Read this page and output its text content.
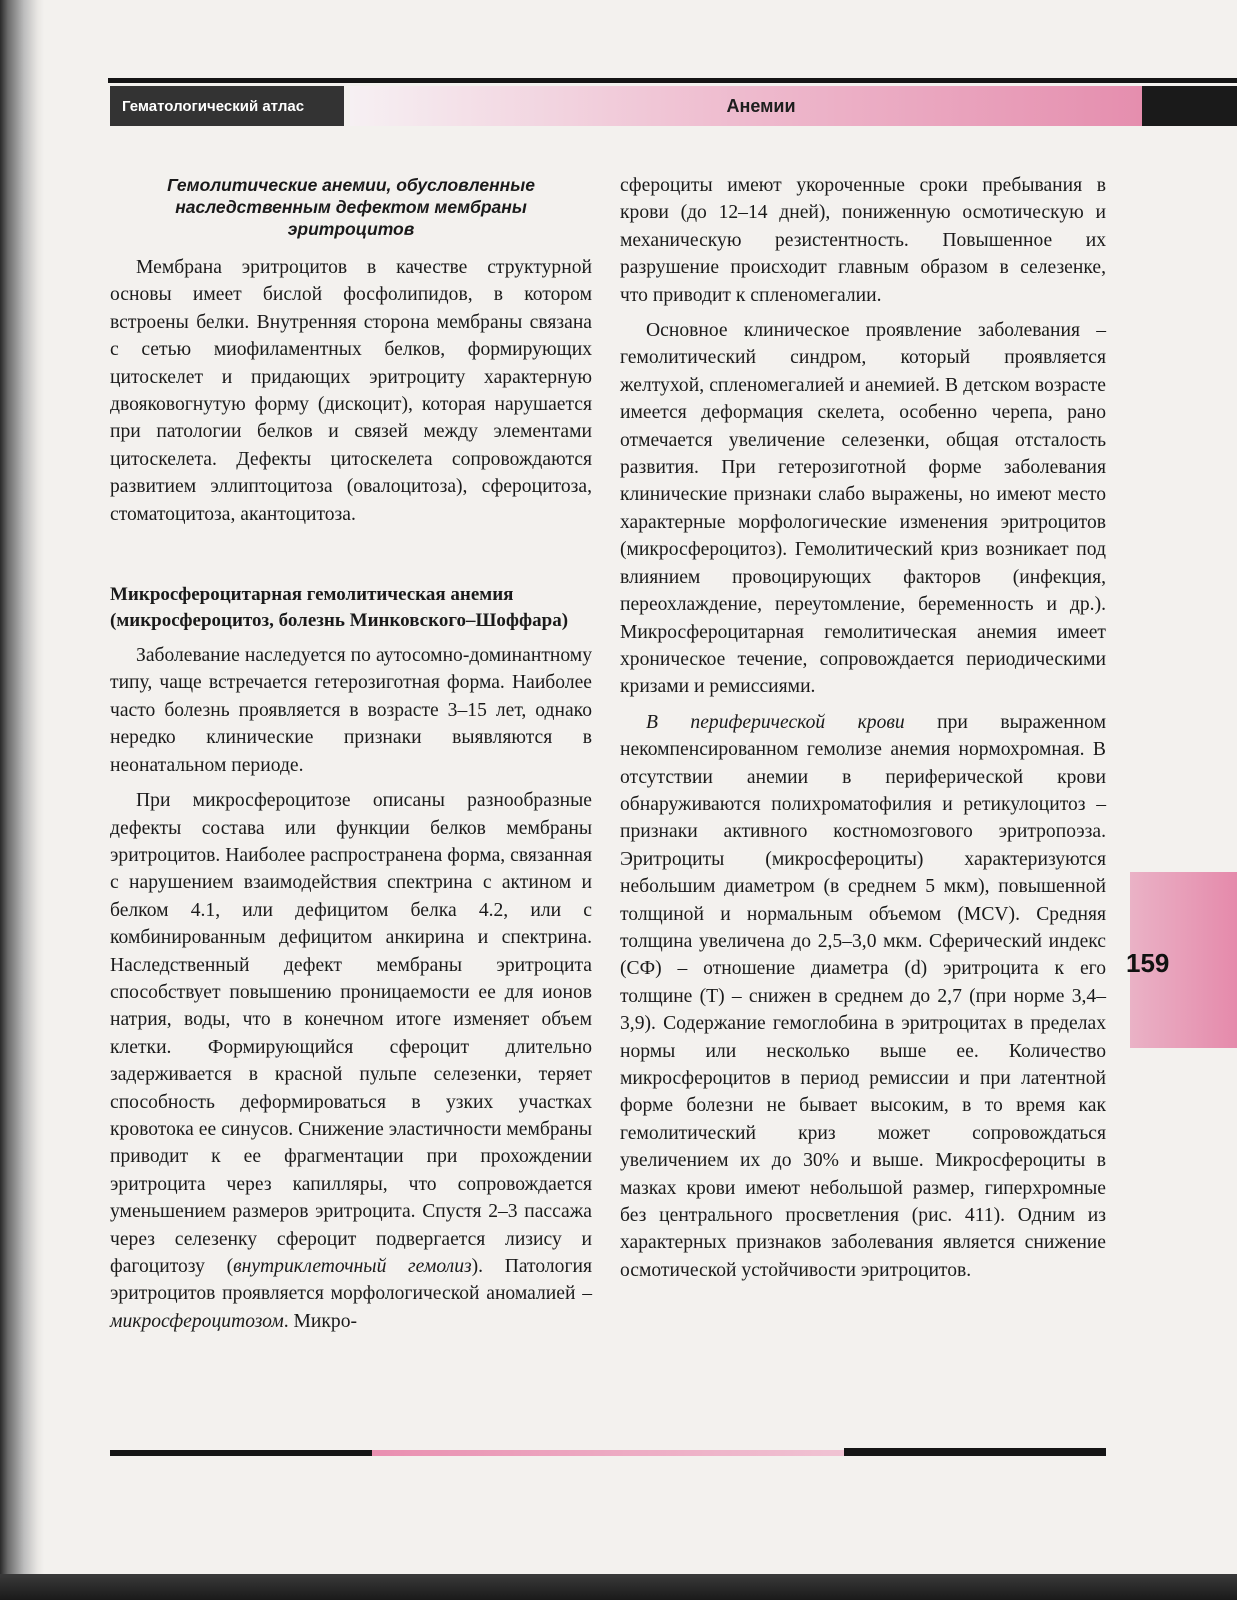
Гематологический атлас	Анемии
159
Гемолитические анемии, обусловленные наследственным дефектом мембраны эритроцитов

Мембрана эритроцитов в качестве структурной основы имеет бислой фосфолипидов, в котором встроены белки. Внутренняя сторона мембраны связана с сетью миофиламентных белков, формирующих цитоскелет и придающих эритроциту характерную двояковогнутую форму (дискоцит), которая нарушается при патологии белков и связей между элементами цитоскелета. Дефекты цитоскелета сопровождаются развитием эллиптоцитоза (овалоцитоза), сфероцитоза, стоматоцитоза, акантоцитоза.

Микросфероцитарная гемолитическая анемия (микросфероцитоз, болезнь Минковского–Шоффара)

Заболевание наследуется по аутосомно-доминантному типу, чаще встречается гетерозиготная форма. Наиболее часто болезнь проявляется в возрасте 3–15 лет, однако нередко клинические признаки выявляются в неонатальном периоде.

При микросфероцитозе описаны разнообразные дефекты состава или функции белков мембраны эритроцитов. Наиболее распространена форма, связанная с нарушением взаимодействия спектрина с актином и белком 4.1, или дефицитом белка 4.2, или с комбинированным дефицитом анкирина и спектрина. Наследственный дефект мембраны эритроцита способствует повышению проницаемости ее для ионов натрия, воды, что в конечном итоге изменяет объем клетки. Формирующийся сфероцит длительно задерживается в красной пульпе селезенки, теряет способность деформироваться в узких участках кровотока ее синусов. Снижение эластичности мембраны приводит к ее фрагментации при прохождении эритроцита через капилляры, что сопровождается уменьшением размеров эритроцита. Спустя 2–3 пассажа через селезенку сфероцит подвергается лизису и фагоцитозу (внутриклеточный гемолиз). Патология эритроцитов проявляется морфологической аномалией – микросфероцитозом. Микро-

сфероциты имеют укороченные сроки пребывания в крови (до 12–14 дней), пониженную осмотическую и механическую резистентность. Повышенное их разрушение происходит главным образом в селезенке, что приводит к спленомегалии.

Основное клиническое проявление заболевания – гемолитический синдром, который проявляется желтухой, спленомегалией и анемией. В детском возрасте имеется деформация скелета, особенно черепа, рано отмечается увеличение селезенки, общая отсталость развития. При гетерозиготной форме заболевания клинические признаки слабо выражены, но имеют место характерные морфологические изменения эритроцитов (микросфероцитоз). Гемолитический криз возникает под влиянием провоцирующих факторов (инфекция, переохлаждение, переутомление, беременность и др.). Микросфероцитарная гемолитическая анемия имеет хроническое течение, сопровождается периодическими кризами и ремиссиями.

В периферической крови при выраженном некомпенсированном гемолизе анемия нормохромная. В отсутствии анемии в периферической крови обнаруживаются полихроматофилия и ретикулоцитоз – признаки активного костномозгового эритропоэза. Эритроциты (микросфероциты) характеризуются небольшим диаметром (в среднем 5 мкм), повышенной толщиной и нормальным объемом (MCV). Средняя толщина увеличена до 2,5–3,0 мкм. Сферический индекс (СФ) – отношение диаметра (d) эритроцита к его толщине (T) – снижен в среднем до 2,7 (при норме 3,4–3,9). Содержание гемоглобина в эритроцитах в пределах нормы или несколько выше ее. Количество микросфероцитов в период ремиссии и при латентной форме болезни не бывает высоким, в то время как гемолитический криз может сопровождаться увеличением их до 30% и выше. Микросфероциты в мазках крови имеют небольшой размер, гиперхромные без центрального просветления (рис. 411). Одним из характерных признаков заболевания является снижение осмотической устойчивости эритроцитов.
